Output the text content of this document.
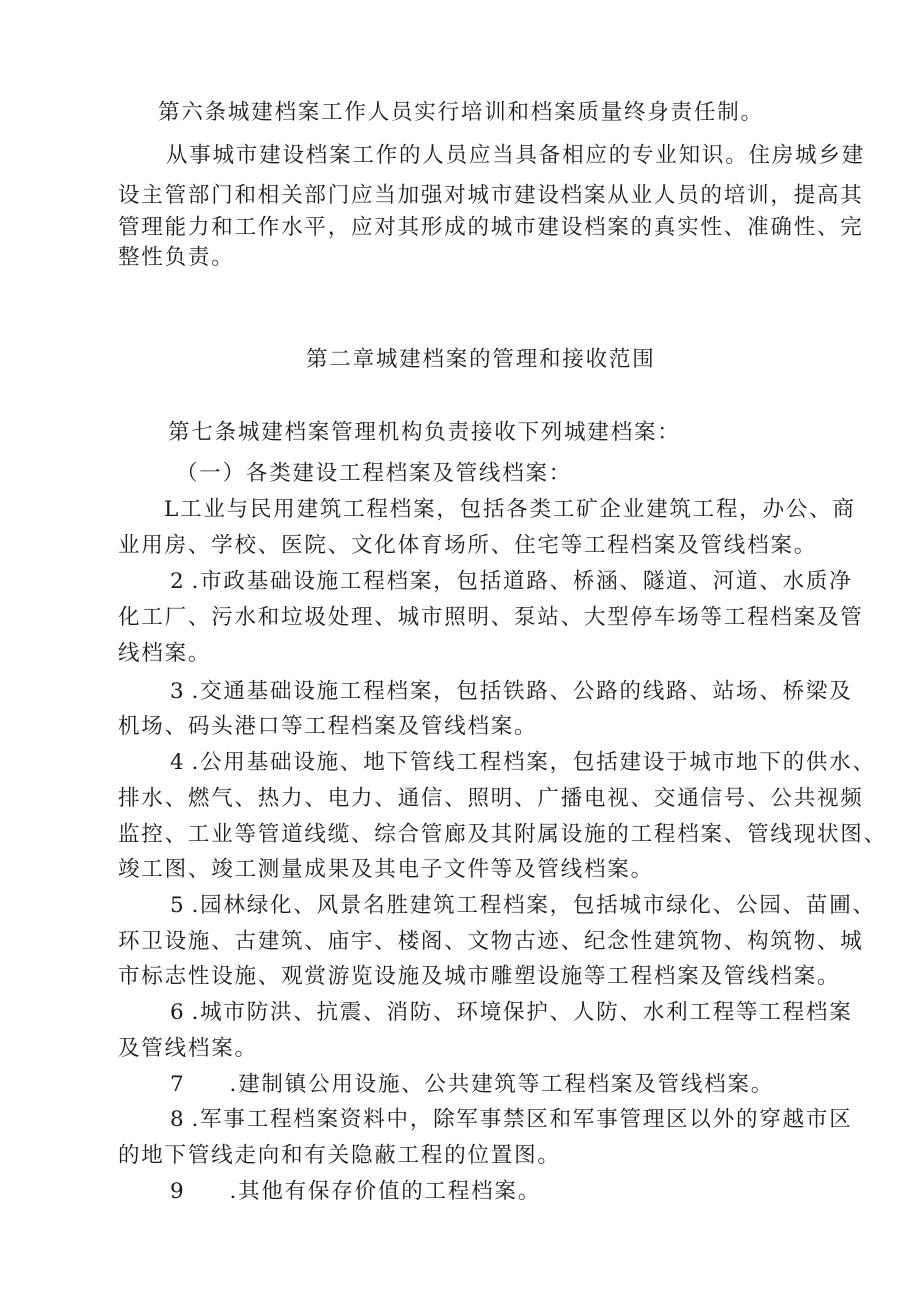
第六条城建档案工作人员实行培训和档案质量终身责任制。
从事城市建设档案工作的人员应当具备相应的专业知识。住房城乡建
设主管部门和相关部门应当加强对城市建设档案从业人员的培训，提高其
管理能力和工作水平，应对其形成的城市建设档案的真实性、准确性、完
整性负责。
第二章城建档案的管理和接收范围
第七条城建档案管理机构负责接收下列城建档案：
（一）各类建设工程档案及管线档案：
L工业与民用建筑工程档案，包括各类工矿企业建筑工程，办公、商
业用房、学校、医院、文化体育场所、住宅等工程档案及管线档案。
2 .市政基础设施工程档案，包括道路、桥涵、隧道、河道、水质净
化工厂、污水和垃圾处理、城市照明、泵站、大型停车场等工程档案及管
线档案。
3 .交通基础设施工程档案，包括铁路、公路的线路、站场、桥梁及
机场、码头港口等工程档案及管线档案。
4 .公用基础设施、地下管线工程档案，包括建设于城市地下的供水、
排水、燃气、热力、电力、通信、照明、广播电视、交通信号、公共视频
监控、工业等管道线缆、综合管廊及其附属设施的工程档案、管线现状图、
竣工图、竣工测量成果及其电子文件等及管线档案。
5 .园林绿化、风景名胜建筑工程档案，包括城市绿化、公园、苗圃、
环卫设施、古建筑、庙宇、楼阁、文物古迹、纪念性建筑物、构筑物、城
市标志性设施、观赏游览设施及城市雕塑设施等工程档案及管线档案。
6 .城市防洪、抗震、消防、环境保护、人防、水利工程等工程档案
及管线档案。
7 .建制镇公用设施、公共建筑等工程档案及管线档案。
8 .军事工程档案资料中，除军事禁区和军事管理区以外的穿越市区
的地下管线走向和有关隐蔽工程的位置图。
9 .其他有保存价值的工程档案。
